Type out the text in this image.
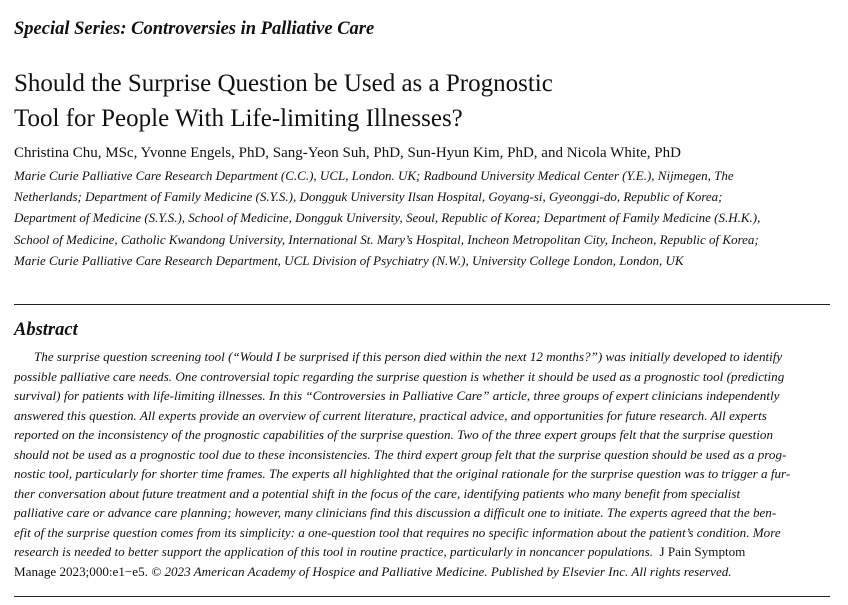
Special Series: Controversies in Palliative Care
Should the Surprise Question be Used as a Prognostic
Tool for People With Life-limiting Illnesses?
Christina Chu, MSc, Yvonne Engels, PhD, Sang-Yeon Suh, PhD, Sun-Hyun Kim, PhD, and Nicola White, PhD
Marie Curie Palliative Care Research Department (C.C.), UCL, London. UK; Radbound University Medical Center (Y.E.), Nijmegen, The
Netherlands; Department of Family Medicine (S.Y.S.), Dongguk University Ilsan Hospital, Goyang-si, Gyeonggi-do, Republic of Korea;
Department of Medicine (S.Y.S.), School of Medicine, Dongguk University, Seoul, Republic of Korea; Department of Family Medicine (S.H.K.),
School of Medicine, Catholic Kwandong University, International St. Mary’s Hospital, Incheon Metropolitan City, Incheon, Republic of Korea;
Marie Curie Palliative Care Research Department, UCL Division of Psychiatry (N.W.), University College London, London, UK
Abstract
The surprise question screening tool (“Would I be surprised if this person died within the next 12 months?”) was initially developed to identify
possible palliative care needs. One controversial topic regarding the surprise question is whether it should be used as a prognostic tool (predicting
survival) for patients with life-limiting illnesses. In this “Controversies in Palliative Care” article, three groups of expert clinicians independently
answered this question. All experts provide an overview of current literature, practical advice, and opportunities for future research. All experts
reported on the inconsistency of the prognostic capabilities of the surprise question. Two of the three expert groups felt that the surprise question
should not be used as a prognostic tool due to these inconsistencies. The third expert group felt that the surprise question should be used as a prog-
nostic tool, particularly for shorter time frames. The experts all highlighted that the original rationale for the surprise question was to trigger a fur-
ther conversation about future treatment and a potential shift in the focus of the care, identifying patients who many benefit from specialist
palliative care or advance care planning; however, many clinicians find this discussion a difficult one to initiate. The experts agreed that the ben-
efit of the surprise question comes from its simplicity: a one-question tool that requires no specific information about the patient’s condition. More
research is needed to better support the application of this tool in routine practice, particularly in noncancer populations. J Pain Symptom
Manage 2023;000:e1−e5. © 2023 American Academy of Hospice and Palliative Medicine. Published by Elsevier Inc. All rights reserved.
